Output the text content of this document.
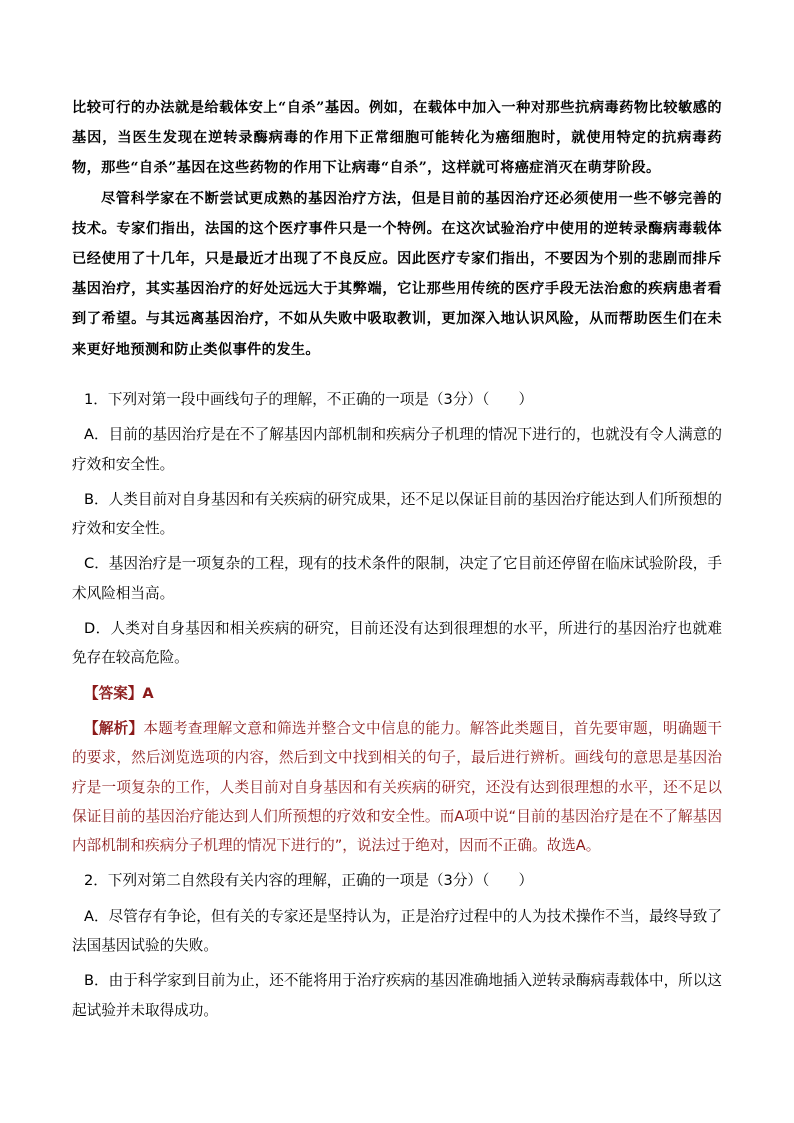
比较可行的办法就是给载体安上“自杀”基因。例如，在载体中加入一种对那些抗病毒药物比较敏感的基因，当医生发现在逆转录酶病毒的作用下正常细胞可能转化为癌细胞时，就使用特定的抗病毒药物，那些“自杀”基因在这些药物的作用下让病毒“自杀”，这样就可将癌症消灭在萌芽阶段。

尽管科学家在不断尝试更成熟的基因治疗方法，但是目前的基因治疗还必须使用一些不够完善的技术。专家们指出，法国的这个医疗事件只是一个特例。在这次试验治疗中使用的逆转录酶病毒载体已经使用了十几年，只是最近才出现了不良反应。因此医疗专家们指出，不要因为个别的悲剧而排斥基因治疗，其实基因治疗的好处远远大于其弊端，它让那些用传统的医疗手段无法治愈的疾病患者看到了希望。与其远离基因治疗，不如从失败中吸取教训，更加深入地认识风险，从而帮助医生们在未来更好地预测和防止类似事件的发生。

1．下列对第一段中画线句子的理解，不正确的一项是（3分）（　　）

A．目前的基因治疗是在不了解基因内部机制和疾病分子机理的情况下进行的，也就没有令人满意的疗效和安全性。

B．人类目前对自身基因和有关疾病的研究成果，还不足以保证目前的基因治疗能达到人们所预想的疗效和安全性。

C．基因治疗是一项复杂的工程，现有的技术条件的限制，决定了它目前还停留在临床试验阶段，手术风险相当高。

D．人类对自身基因和相关疾病的研究，目前还没有达到很理想的水平，所进行的基因治疗也就难免存在较高危险。

【答案】A

【解析】本题考查理解文意和筛选并整合文中信息的能力。解答此类题目，首先要审题，明确题干的要求，然后浏览选项的内容，然后到文中找到相关的句子，最后进行辨析。画线句的意思是基因治疗是一项复杂的工作，人类目前对自身基因和有关疾病的研究，还没有达到很理想的水平，还不足以保证目前的基因治疗能达到人们所预想的疗效和安全性。而A项中说“目前的基因治疗是在不了解基因内部机制和疾病分子机理的情况下进行的”，说法过于绝对，因而不正确。故选A。

2．下列对第二自然段有关内容的理解，正确的一项是（3分）（　　）

A．尽管存有争论，但有关的专家还是坚持认为，正是治疗过程中的人为技术操作不当，最终导致了法国基因试验的失败。

B．由于科学家到目前为止，还不能将用于治疗疾病的基因准确地插入逆转录酶病毒载体中，所以这起试验并未取得成功。
